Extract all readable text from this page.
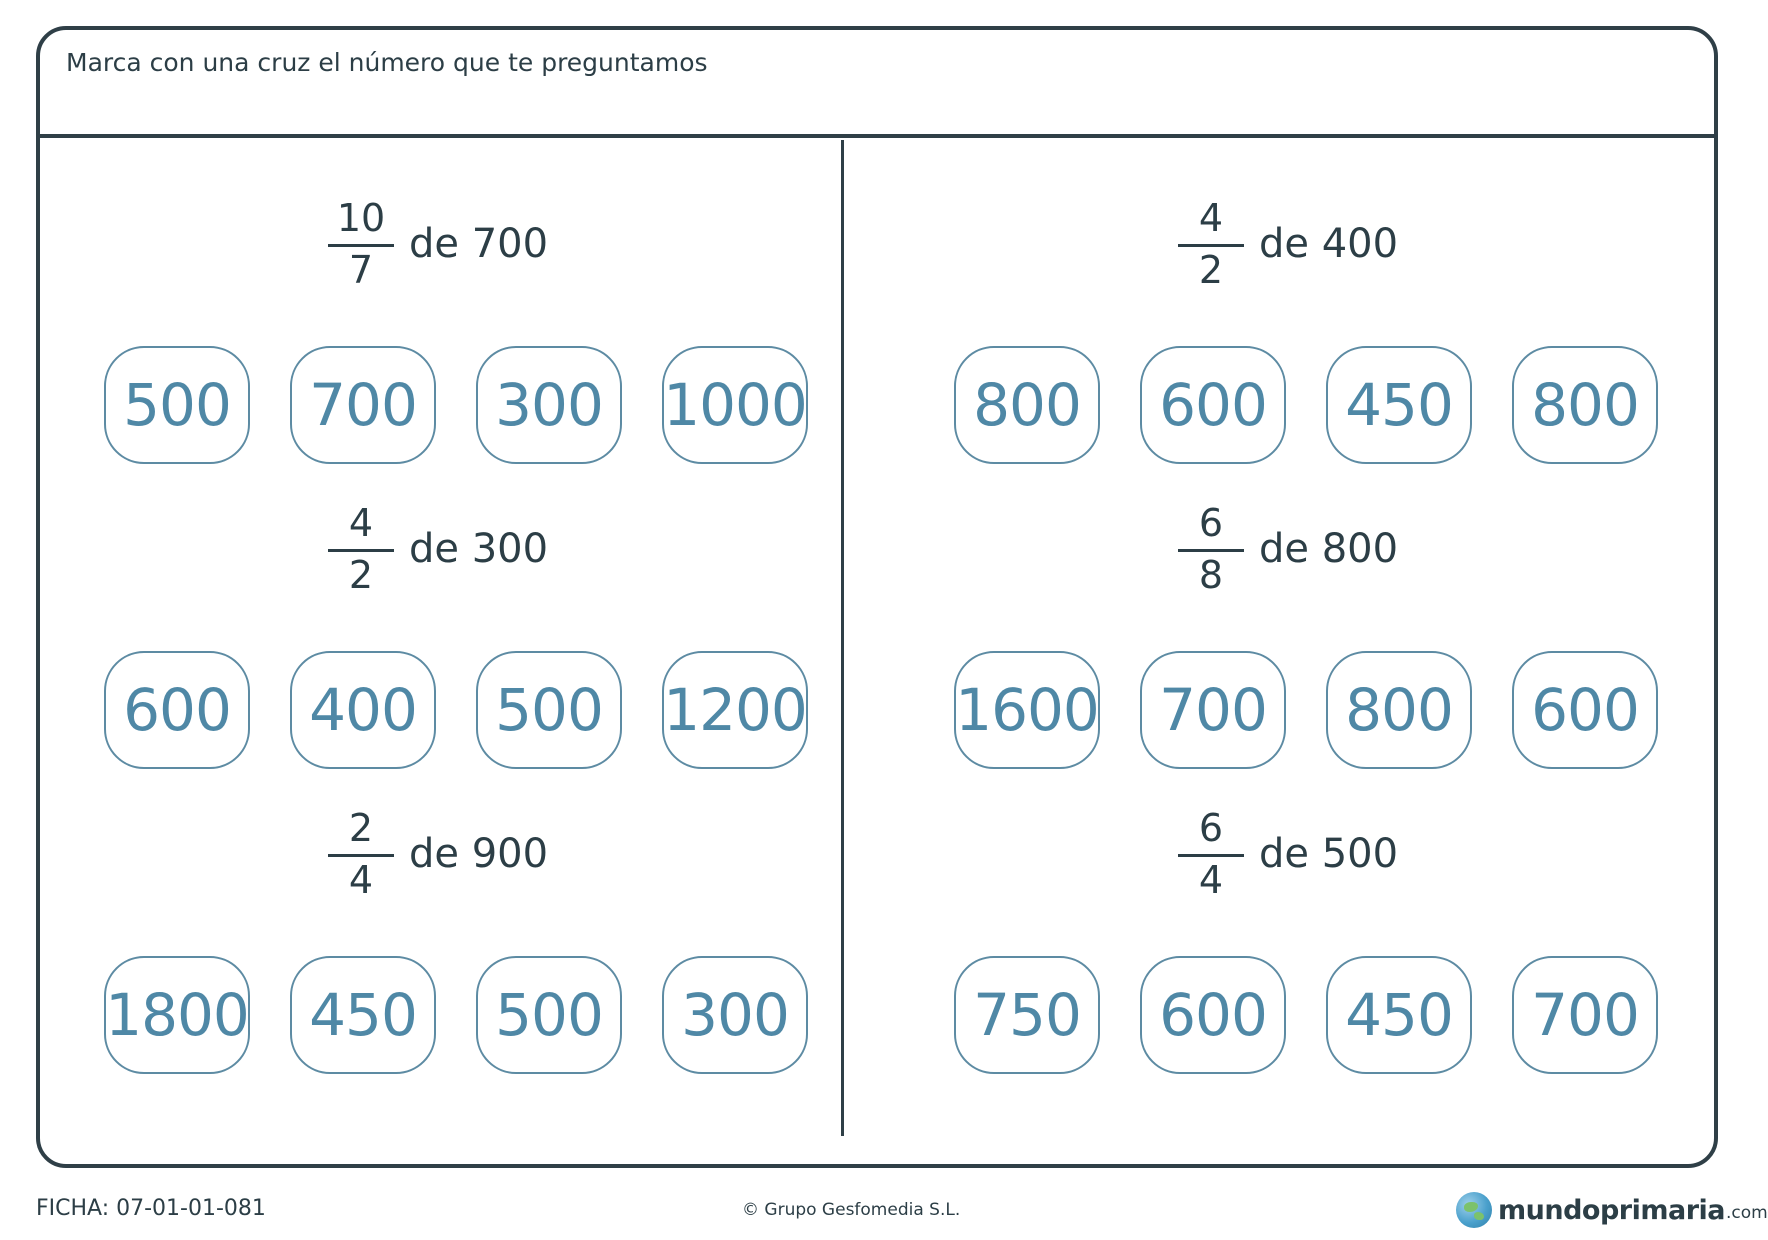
Marca con una cruz el número que te preguntamos
10
7
de 700
500	700	300	1000
4
2
de 300
600	400	500	1200
2
4
de 900
1800	450	500	300
4
2
de 400
800	600	450	800
6
8
de 800
1600	700	800	600
6
4
de 500
750	600	450	700
FICHA: 07-01-01-081	© Grupo Gesfomedia S.L.	mundoprimaria .com
